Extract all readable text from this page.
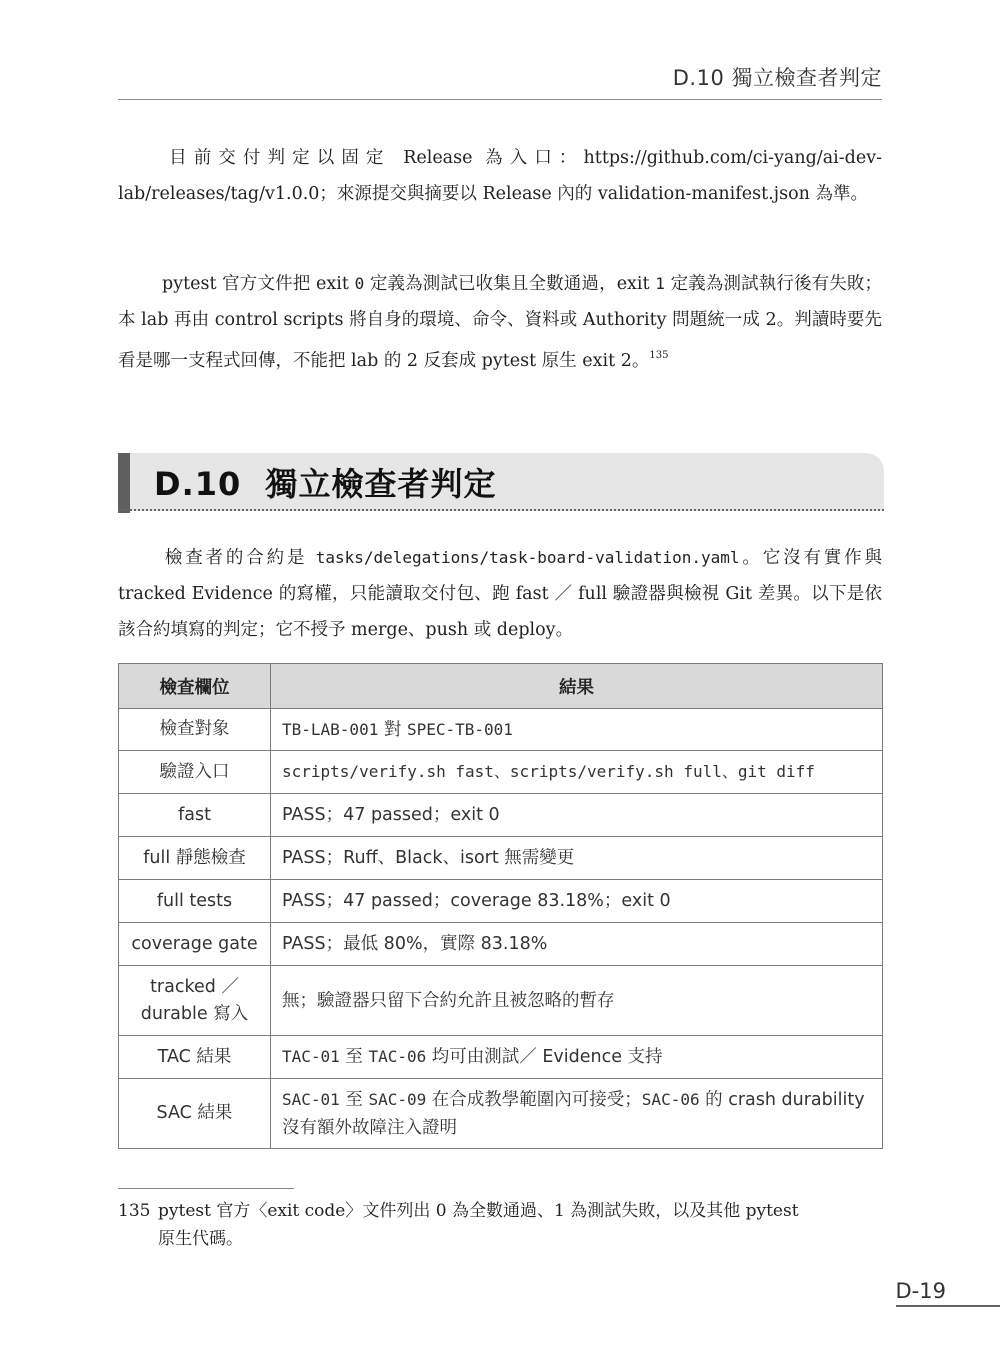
D.10 獨立檢查者判定

目前交付判定以固定 Release 為入口：https://github.com/ci-yang/ai-dev-lab/releases/tag/v1.0.0；來源提交與摘要以 Release 內的 validation-manifest.json 為準。

pytest 官方文件把 exit 0 定義為測試已收集且全數通過，exit 1 定義為測試執行後有失敗；本 lab 再由 control scripts 將自身的環境、命令、資料或 Authority 問題統一成 2。判讀時要先看是哪一支程式回傳，不能把 lab 的 2 反套成 pytest 原生 exit 2。$^{135}$

D.10 獨立檢查者判定

檢查者的合約是 tasks/delegations/task-board-validation.yaml。它沒有實作與 tracked Evidence 的寫權，只能讀取交付包、跑 fast ／ full 驗證器與檢視 Git 差異。以下是依該合約填寫的判定；它不授予 merge、push 或 deploy。

檢查欄位	結果
檢查對象	TB-LAB-001 對 SPEC-TB-001
驗證入口	scripts/verify.sh fast、scripts/verify.sh full、git diff
fast	PASS；47 passed；exit 0
full 靜態檢查	PASS；Ruff、Black、isort 無需變更
full tests	PASS；47 passed；coverage 83.18%；exit 0
coverage gate	PASS；最低 80%，實際 83.18%
tracked ／
durable 寫入	無；驗證器只留下合約允許且被忽略的暫存
TAC 結果	TAC-01 至 TAC-06 均可由測試／ Evidence 支持
SAC 結果	SAC-01 至 SAC-09 在合成教學範圍內可接受；SAC-06 的 crash durability 沒有額外故障注入證明

135 pytest 官方〈exit code〉文件列出 0 為全數通過、1 為測試失敗，以及其他 pytest
原生代碼。

D-19
